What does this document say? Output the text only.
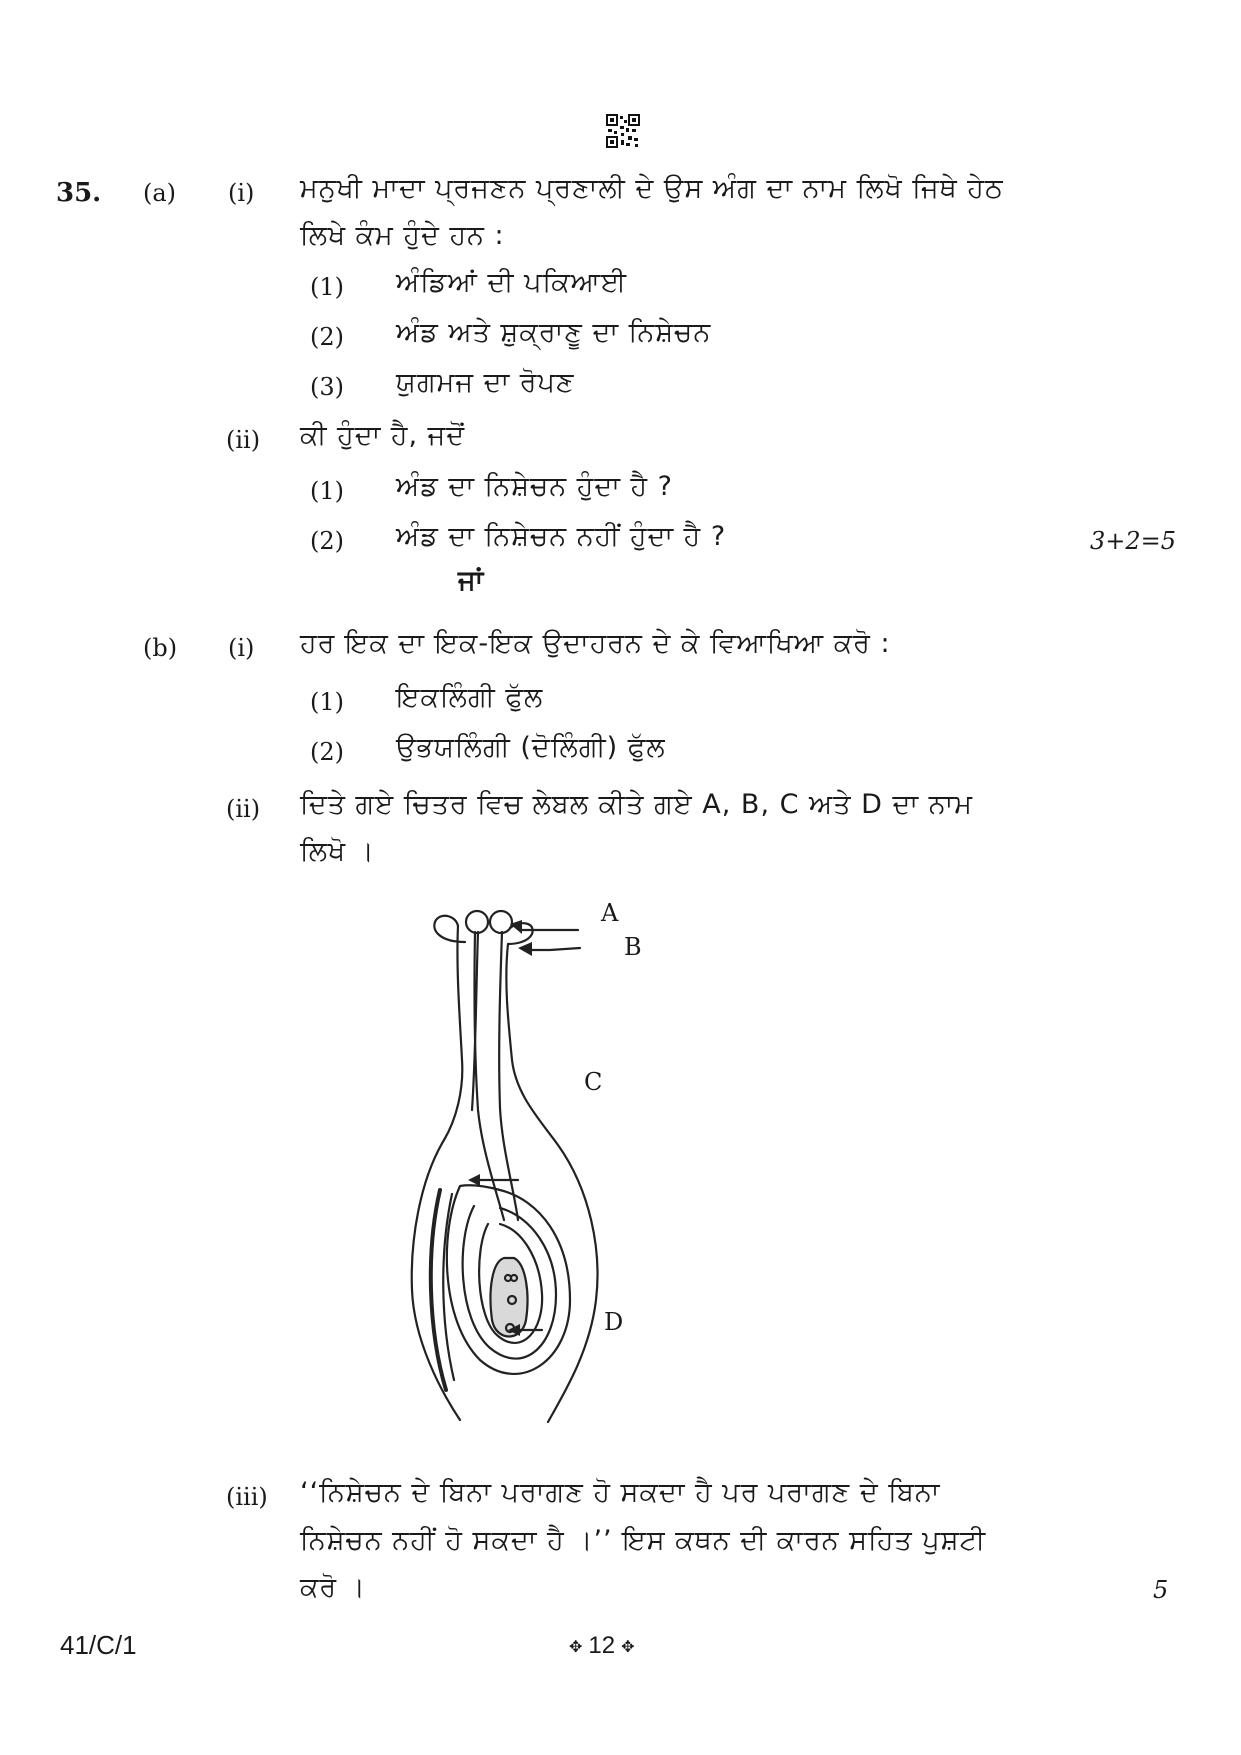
35. (a) (i) ਮਨੁਖੀ ਮਾਦਾ ਪ੍ਰਜਣਨ ਪ੍ਰਣਾਲੀ ਦੇ ਉਸ ਅੰਗ ਦਾ ਨਾਮ ਲਿਖੋ ਜਿਥੇ ਹੇਠ
ਲਿਖੇ ਕੰਮ ਹੁੰਦੇ ਹਨ :
(1) ਅੰਡਿਆਂ ਦੀ ਪਕਿਆਈ
(2) ਅੰਡ ਅਤੇ ਸ਼ੁਕ੍ਰਾਣੂ ਦਾ ਨਿਸ਼ੇਚਨ
(3) ਯੁਗਮਜ ਦਾ ਰੋਪਣ
(ii) ਕੀ ਹੁੰਦਾ ਹੈ, ਜਦੋਂ
(1) ਅੰਡ ਦਾ ਨਿਸ਼ੇਚਨ ਹੁੰਦਾ ਹੈ ?
(2) ਅੰਡ ਦਾ ਨਿਸ਼ੇਚਨ ਨਹੀਂ ਹੁੰਦਾ ਹੈ ?	3+2=5
ਜਾਂ
(b) (i) ਹਰ ਇਕ ਦਾ ਇਕ-ਇਕ ਉਦਾਹਰਨ ਦੇ ਕੇ ਵਿਆਖਿਆ ਕਰੋ :
(1) ਇਕਲਿੰਗੀ ਫੁੱਲ
(2) ਉਭਯਲਿੰਗੀ (ਦੋਲਿੰਗੀ) ਫੁੱਲ
(ii) ਦਿਤੇ ਗਏ ਚਿਤਰ ਵਿਚ ਲੇਬਲ ਕੀਤੇ ਗਏ A, B, C ਅਤੇ D ਦਾ ਨਾਮ
ਲਿਖੋ ।
A
B
C
D
(iii) ‘‘ਨਿਸ਼ੇਚਨ ਦੇ ਬਿਨਾ ਪਰਾਗਣ ਹੋ ਸਕਦਾ ਹੈ ਪਰ ਪਰਾਗਣ ਦੇ ਬਿਨਾ
ਨਿਸ਼ੇਚਨ ਨਹੀਂ ਹੋ ਸਕਦਾ ਹੈ ।’’ ਇਸ ਕਥਨ ਦੀ ਕਾਰਨ ਸਹਿਤ ਪੁਸ਼ਟੀ
ਕਰੋ ।	5
41/C/1	✥ 12 ✥
